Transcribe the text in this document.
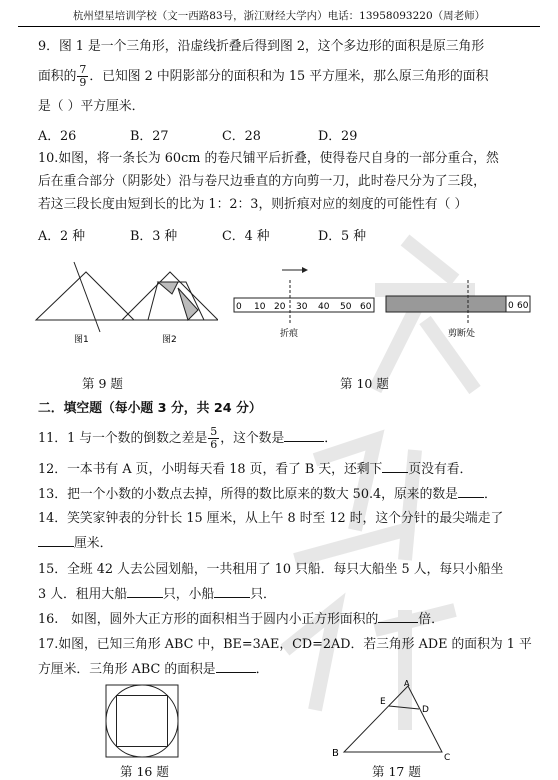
杭州望星培训学校（文一西路83号，浙江财经大学内）电话：13958093220（周老师）
9．图 1 是一个三角形，沿虚线折叠后得到图 2，这个多边形的面积是原三角形
面积的 $\frac{7}{9}$ ．已知图 2 中阴影部分的面积和为 15 平方厘米，那么原三角形的面积
是（ ）平方厘米．
A．26	B．27	C．28	D．29
10.如图，将一条长为 60cm 的卷尺铺平后折叠，使得卷尺自身的一部分重合，然
后在重合部分（阴影处）沿与卷尺边垂直的方向剪一刀，此时卷尺分为了三段，
若这三段长度由短到长的比为 1：2：3，则折痕对应的刻度的可能性有（ ）
A．2 种	B．3 种	C．4 种	D．5 种
图1	图2
0 10 20 30 40 50 60
折痕
0 60
剪断处
第 9 题	第 10 题
二．填空题（每小题 3 分，共 24 分）
11．1 与一个数的倒数之差是 $\frac{5}{6}$ ，这个数是	．
12．一本书有 A 页，小明每天看 18 页，看了 B 天，还剩下 页没有看．
13．把一个小数的小数点去掉，所得的数比原来的数大 50.4，原来的数是 ．
14．笑笑家钟表的分针长 15 厘米，从上午 8 时至 12 时，这个分针的最尖端走了
厘米．
15．全班 42 人去公园划船，一共租用了 10 只船．每只大船坐 5 人，每只小船坐
3 人．租用大船	只，小船	只．
16.　如图，圆外大正方形的面积相当于圆内小正方形面积的	倍．
17.如图，已知三角形 ABC 中，BE=3AE，CD=2AD．若三角形 ADE 的面积为 1 平
方厘米．三角形 ABC 的面积是	．
第 16 题
A
B	C
D
E
第 17 题
